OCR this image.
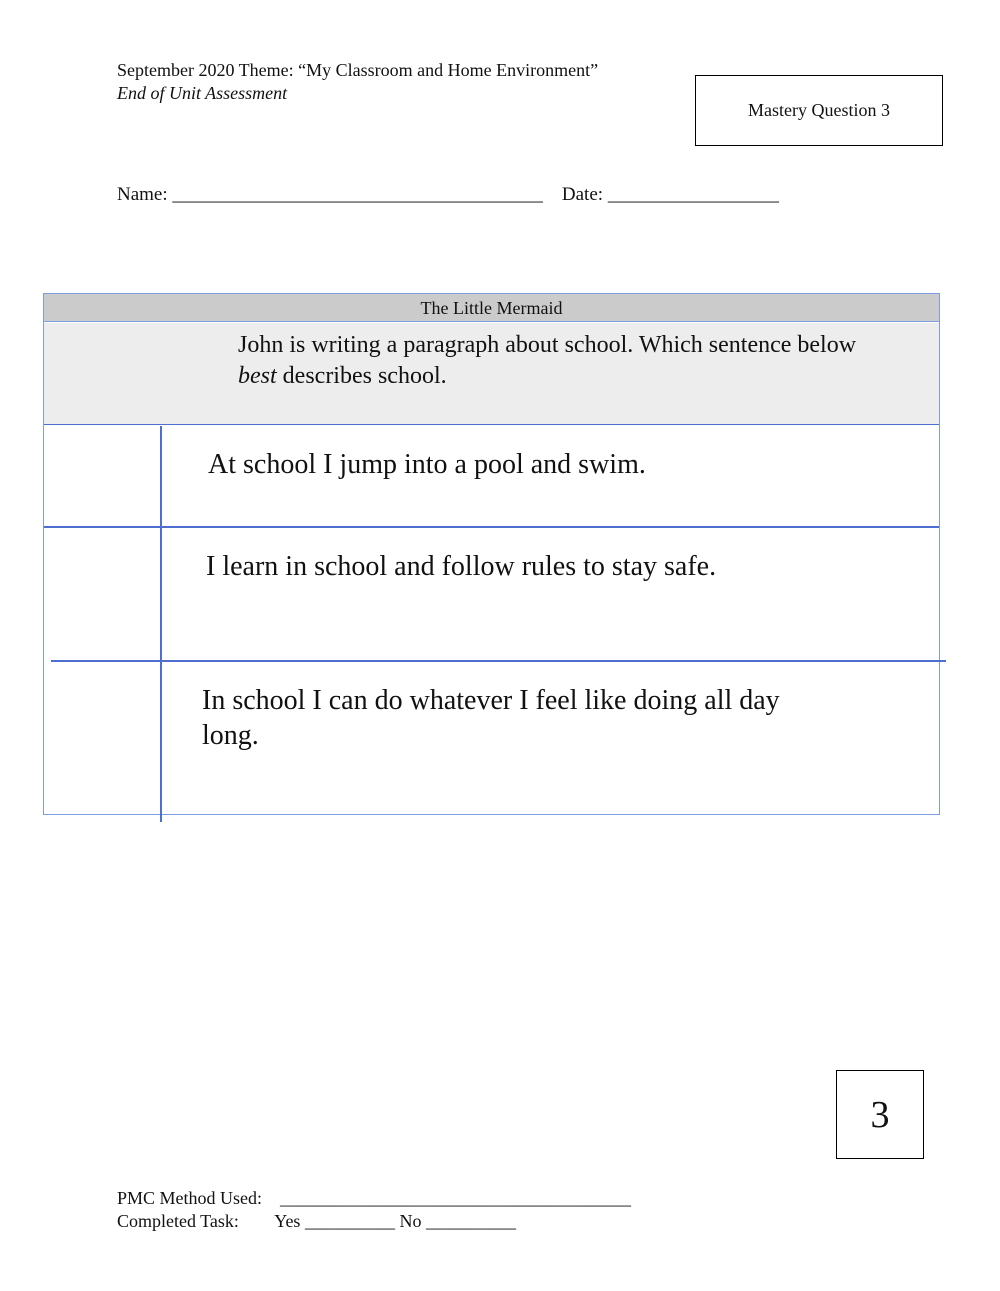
September 2020 Theme: “My Classroom and Home Environment”
End of Unit Assessment
Mastery Question 3
Name: _______________________________________ Date: __________________
The Little Mermaid
John is writing a paragraph about school. Which sentence below best describes school.
At school I jump into a pool and swim.
I learn in school and follow rules to stay safe.
In school I can do whatever I feel like doing all day long.
3
PMC Method Used: _______________________________________
Completed Task: Yes __________ No __________
